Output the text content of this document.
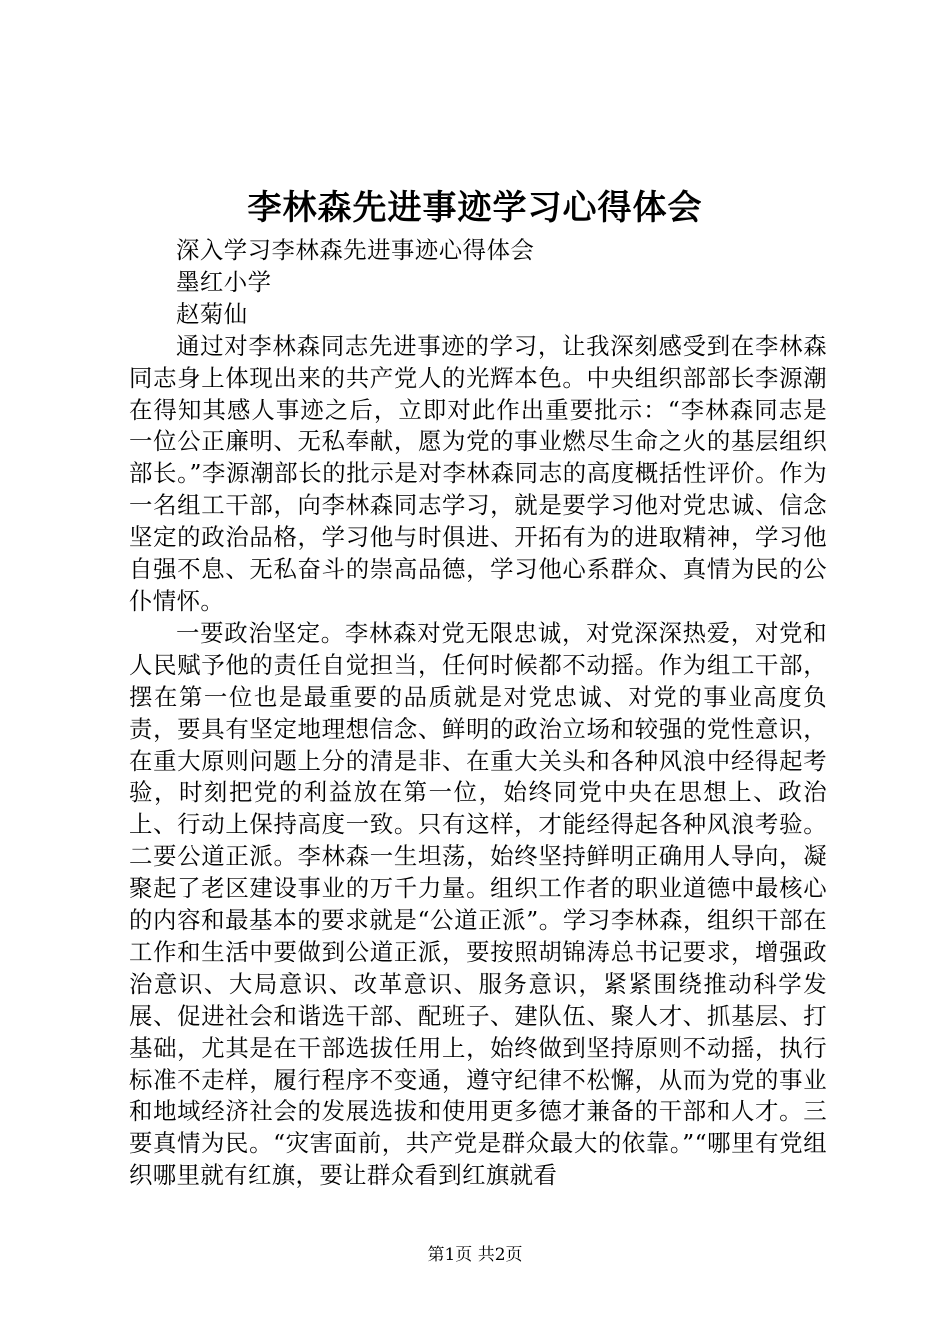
李林森先进事迹学习心得体会

深入学习李林森先进事迹心得体会

墨红小学

赵菊仙

通过对李林森同志先进事迹的学习，让我深刻感受到在李林森同志身上体现出来的共产党人的光辉本色。中央组织部部长李源潮在得知其感人事迹之后，立即对此作出重要批示：“李林森同志是一位公正廉明、无私奉献，愿为党的事业燃尽生命之火的基层组织部长。”李源潮部长的批示是对李林森同志的高度概括性评价。作为一名组工干部，向李林森同志学习，就是要学习他对党忠诚、信念坚定的政治品格，学习他与时俱进、开拓有为的进取精神，学习他自强不息、无私奋斗的崇高品德，学习他心系群众、真情为民的公仆情怀。

一要政治坚定。李林森对党无限忠诚，对党深深热爱，对党和人民赋予他的责任自觉担当，任何时候都不动摇。作为组工干部，摆在第一位也是最重要的品质就是对党忠诚、对党的事业高度负责，要具有坚定地理想信念、鲜明的政治立场和较强的党性意识，在重大原则问题上分的清是非、在重大关头和各种风浪中经得起考验，时刻把党的利益放在第一位，始终同党中央在思想上、政治上、行动上保持高度一致。只有这样，才能经得起各种风浪考验。二要公道正派。李林森一生坦荡，始终坚持鲜明正确用人导向，凝聚起了老区建设事业的万千力量。组织工作者的职业道德中最核心的内容和最基本的要求就是“公道正派”。学习李林森，组织干部在工作和生活中要做到公道正派，要按照胡锦涛总书记要求，增强政治意识、大局意识、改革意识、服务意识，紧紧围绕推动科学发展、促进社会和谐选干部、配班子、建队伍、聚人才、抓基层、打基础，尤其是在干部选拔任用上，始终做到坚持原则不动摇，执行标准不走样，履行程序不变通，遵守纪律不松懈，从而为党的事业和地域经济社会的发展选拔和使用更多德才兼备的干部和人才。三要真情为民。“灾害面前，共产党是群众最大的依靠。”“哪里有党组织哪里就有红旗，要让群众看到红旗就看

第1页 共2页
